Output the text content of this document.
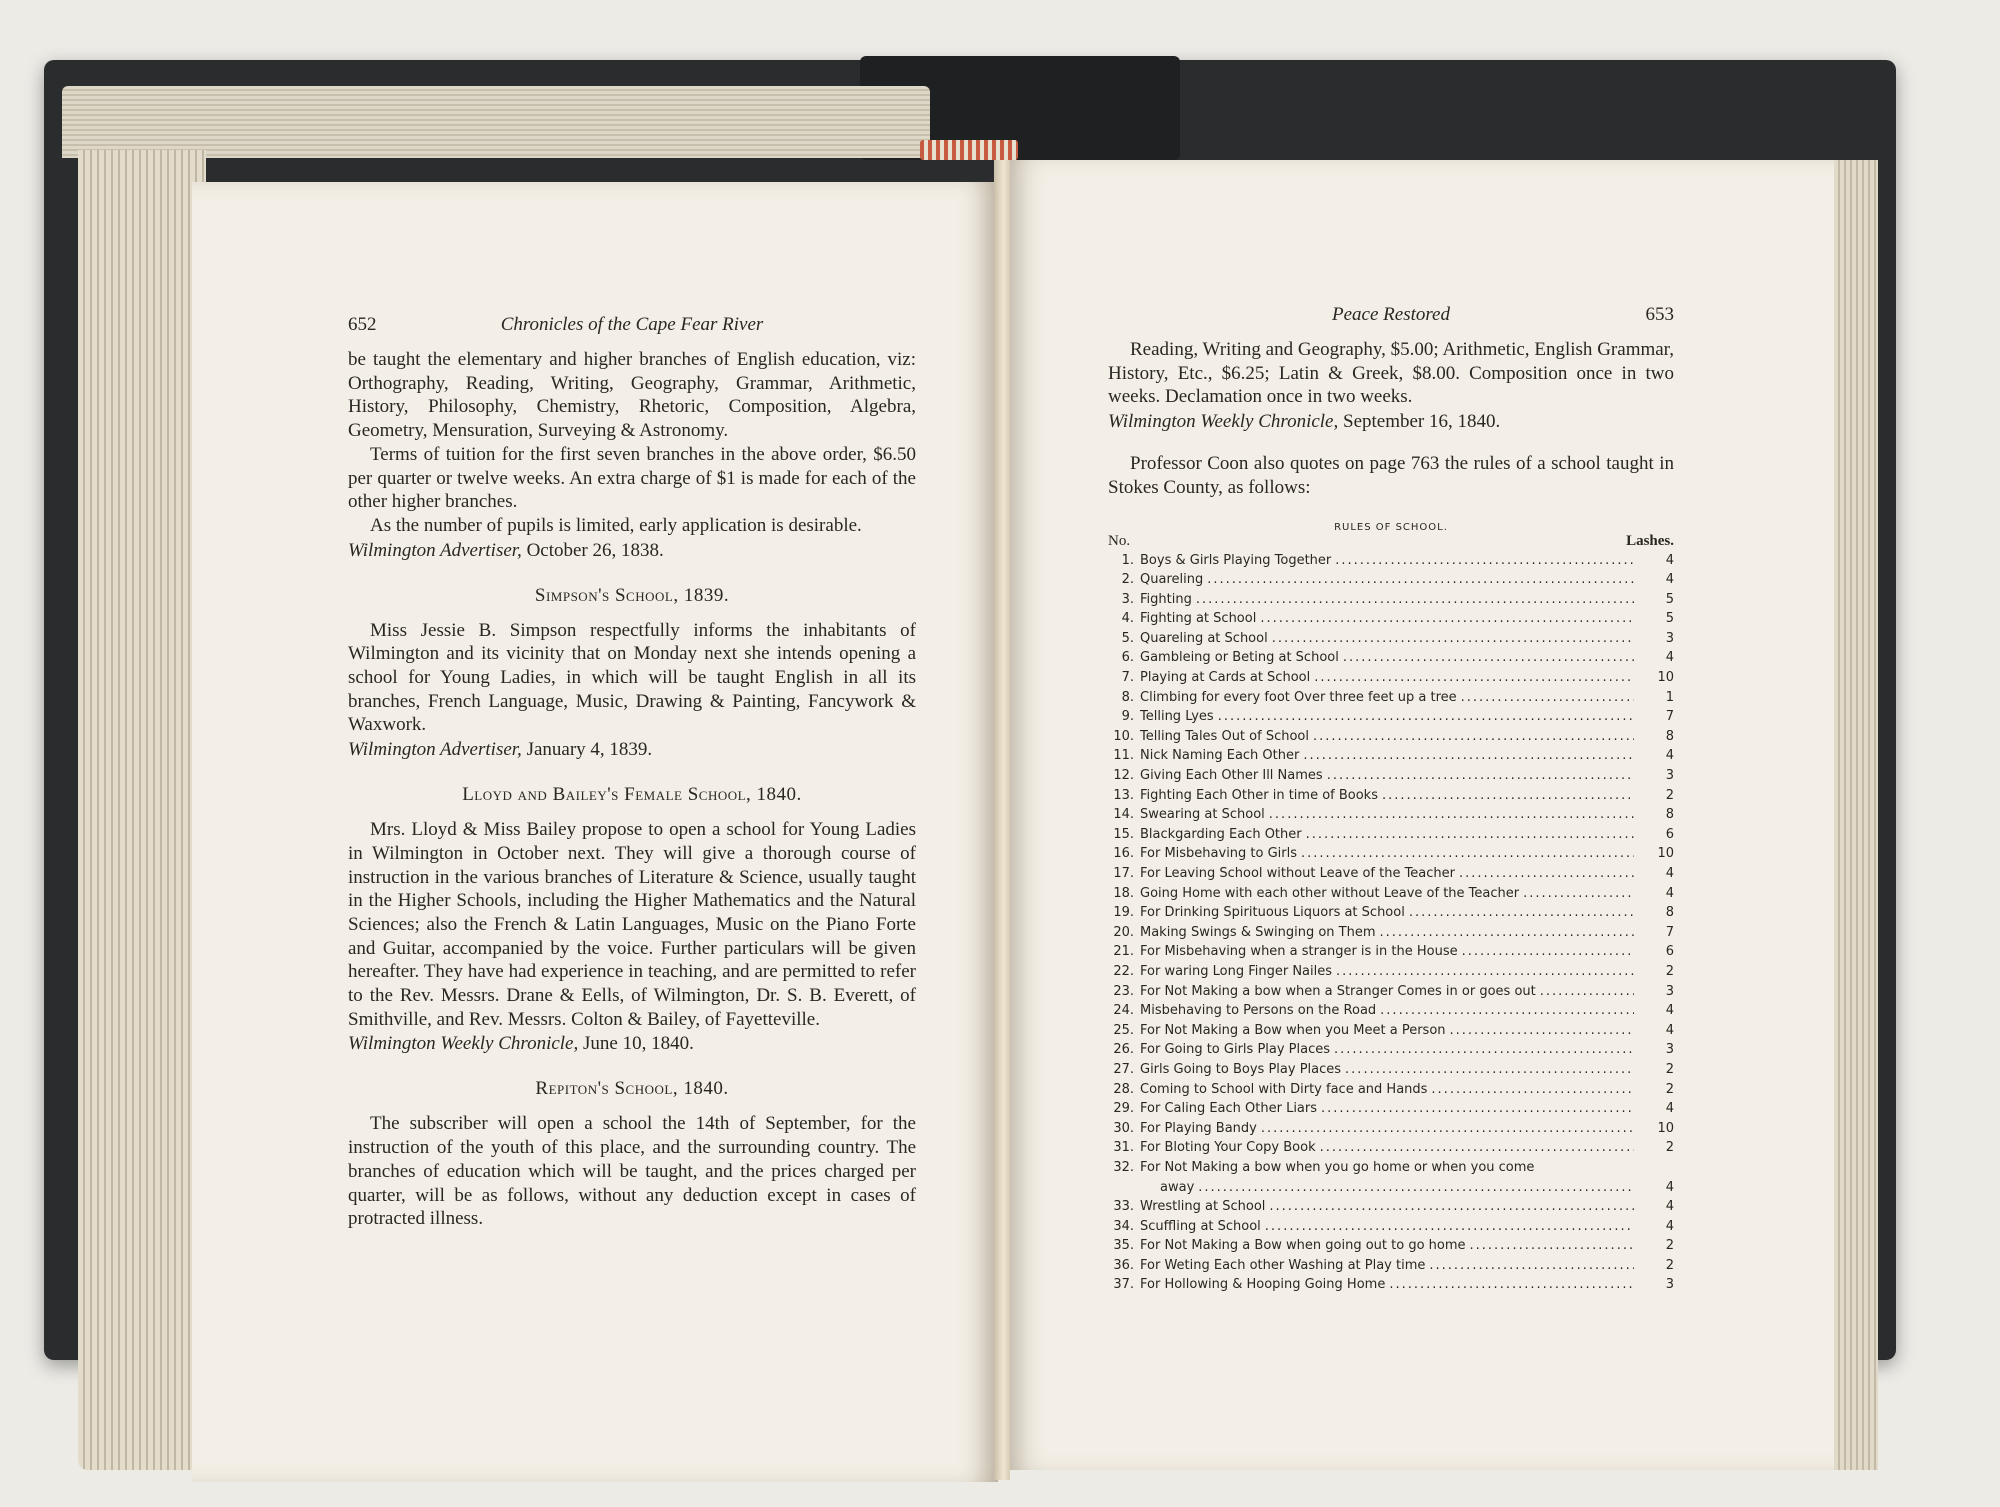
652	Chronicles of the Cape Fear River

be taught the elementary and higher branches of English education, viz: Orthography, Reading, Writing, Geography, Grammar, Arithmetic, History, Philosophy, Chemistry, Rhetoric, Composition, Algebra, Geometry, Mensuration, Surveying & Astronomy.

Terms of tuition for the first seven branches in the above order, $6.50 per quarter or twelve weeks. An extra charge of $1 is made for each of the other higher branches.

As the number of pupils is limited, early application is desirable.

Wilmington Advertiser, October 26, 1838.
Simpson's School, 1839.

Miss Jessie B. Simpson respectfully informs the inhabitants of Wilmington and its vicinity that on Monday next she intends opening a school for Young Ladies, in which will be taught English in all its branches, French Language, Music, Drawing & Painting, Fancywork & Waxwork.

Wilmington Advertiser, January 4, 1839.
Lloyd and Bailey's Female School, 1840.

Mrs. Lloyd & Miss Bailey propose to open a school for Young Ladies in Wilmington in October next. They will give a thorough course of instruction in the various branches of Literature & Science, usually taught in the Higher Schools, including the Higher Mathematics and the Natural Sciences; also the French & Latin Languages, Music on the Piano Forte and Guitar, accompanied by the voice. Further particulars will be given hereafter. They have had experience in teaching, and are permitted to refer to the Rev. Messrs. Drane & Eells, of Wilmington, Dr. S. B. Everett, of Smithville, and Rev. Messrs. Colton & Bailey, of Fayetteville.

Wilmington Weekly Chronicle, June 10, 1840.
Repiton's School, 1840.

The subscriber will open a school the 14th of September, for the instruction of the youth of this place, and the surrounding country. The branches of education which will be taught, and the prices charged per quarter, will be as follows, without any deduction except in cases of protracted illness.

Peace Restored	653

Reading, Writing and Geography, $5.00; Arithmetic, English Grammar, History, Etc., $6.25; Latin & Greek, $8.00. Composition once in two weeks. Declamation once in two weeks.

Wilmington Weekly Chronicle, September 16, 1840.

Professor Coon also quotes on page 763 the rules of a school taught in Stokes County, as follows:

RULES OF SCHOOL.
No.	Lashes.
1. Boys & Girls Playing Together .....	4
2. Quareling .....	4
3. Fighting .....	5
4. Fighting at School .....	5
5. Quareling at School .....	3
6. Gambleing or Beting at School .....	4
7. Playing at Cards at School .....	10
8. Climbing for every foot Over three feet up a tree .....	1
9. Telling Lyes .....	7
10. Telling Tales Out of School .....	8
11. Nick Naming Each Other .....	4
12. Giving Each Other Ill Names .....	3
13. Fighting Each Other in time of Books .....	2
14. Swearing at School .....	8
15. Blackgarding Each Other .....	6
16. For Misbehaving to Girls .....	10
17. For Leaving School without Leave of the Teacher .....	4
18. Going Home with each other without Leave of the Teacher .....	4
19. For Drinking Spirituous Liquors at School .....	8
20. Making Swings & Swinging on Them .....	7
21. For Misbehaving when a stranger is in the House .....	6
22. For waring Long Finger Nailes .....	2
23. For Not Making a bow when a Stranger Comes in or goes out .....	3
24. Misbehaving to Persons on the Road .....	4
25. For Not Making a Bow when you Meet a Person .....	4
26. For Going to Girls Play Places .....	3
27. Girls Going to Boys Play Places .....	2
28. Coming to School with Dirty face and Hands .....	2
29. For Caling Each Other Liars .....	4
30. For Playing Bandy .....	10
31. For Bloting Your Copy Book .....	2
32. For Not Making a bow when you go home or when you come
away .....	4
33. Wrestling at School .....	4
34. Scuffling at School .....	4
35. For Not Making a Bow when going out to go home .....	2
36. For Weting Each other Washing at Play time .....	2
37. For Hollowing & Hooping Going Home .....	3
